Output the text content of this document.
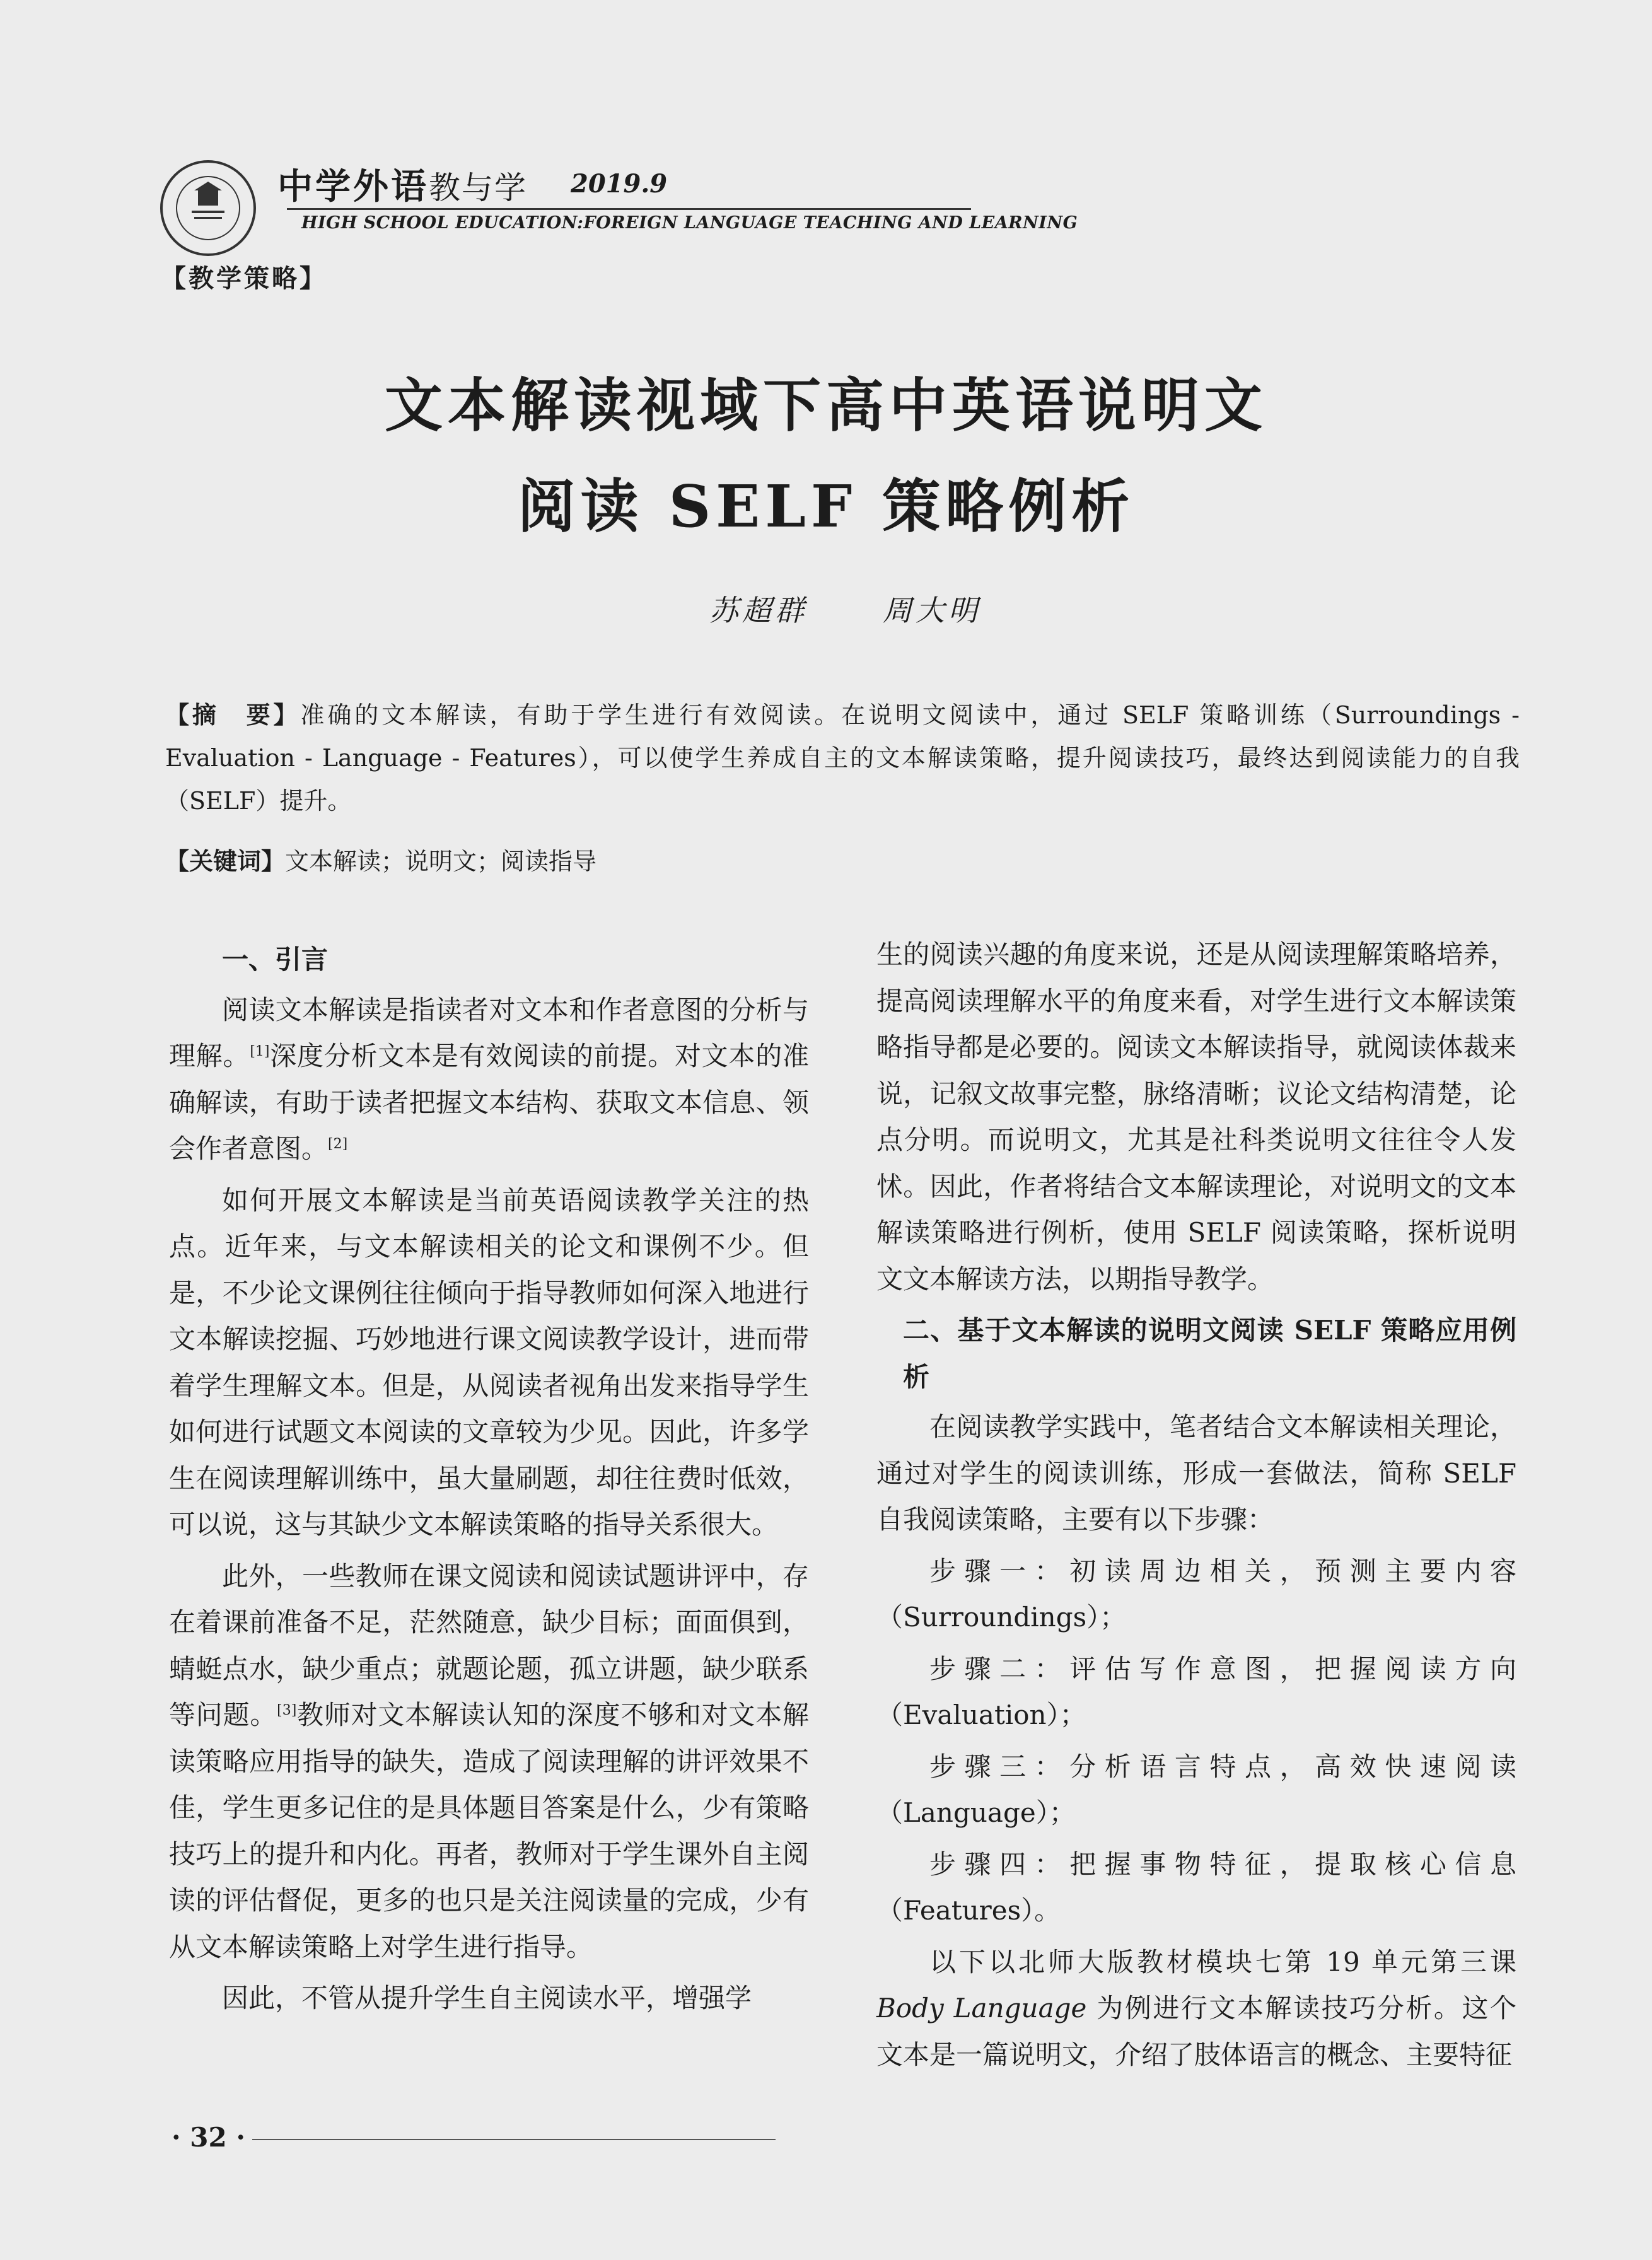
中学外语教与学 2019.9
HIGH SCHOOL EDUCATION:FOREIGN LANGUAGE TEACHING AND LEARNING
【教学策略】
文本解读视域下高中英语说明文
阅读 SELF 策略例析
苏超群	周大明
【摘　要】准确的文本解读，有助于学生进行有效阅读。在说明文阅读中，通过 SELF 策略训练（Surroundings - Evaluation - Language - Features），可以使学生养成自主的文本解读策略，提升阅读技巧，最终达到阅读能力的自我（SELF）提升。
【关键词】文本解读；说明文；阅读指导
一、引言

阅读文本解读是指读者对文本和作者意图的分析与理解。[1]深度分析文本是有效阅读的前提。对文本的准确解读，有助于读者把握文本结构、获取文本信息、领会作者意图。[2]

如何开展文本解读是当前英语阅读教学关注的热点。近年来，与文本解读相关的论文和课例不少。但是，不少论文课例往往倾向于指导教师如何深入地进行文本解读挖掘、巧妙地进行课文阅读教学设计，进而带着学生理解文本。但是，从阅读者视角出发来指导学生如何进行试题文本阅读的文章较为少见。因此，许多学生在阅读理解训练中，虽大量刷题，却往往费时低效，可以说，这与其缺少文本解读策略的指导关系很大。

此外，一些教师在课文阅读和阅读试题讲评中，存在着课前准备不足，茫然随意，缺少目标；面面俱到，蜻蜓点水，缺少重点；就题论题，孤立讲题，缺少联系等问题。[3]教师对文本解读认知的深度不够和对文本解读策略应用指导的缺失，造成了阅读理解的讲评效果不佳，学生更多记住的是具体题目答案是什么，少有策略技巧上的提升和内化。再者，教师对于学生课外自主阅读的评估督促，更多的也只是关注阅读量的完成，少有从文本解读策略上对学生进行指导。

因此，不管从提升学生自主阅读水平，增强学

生的阅读兴趣的角度来说，还是从阅读理解策略培养，提高阅读理解水平的角度来看，对学生进行文本解读策略指导都是必要的。阅读文本解读指导，就阅读体裁来说，记叙文故事完整，脉络清晰；议论文结构清楚，论点分明。而说明文，尤其是社科类说明文往往令人发怵。因此，作者将结合文本解读理论，对说明文的文本解读策略进行例析，使用 SELF 阅读策略，探析说明文文本解读方法，以期指导教学。

二、基于文本解读的说明文阅读 SELF 策略应用例析

在阅读教学实践中，笔者结合文本解读相关理论，通过对学生的阅读训练，形成一套做法，简称 SELF 自我阅读策略，主要有以下步骤：

步骤一：初读周边相关，预测主要内容（Surroundings）；

步骤二：评估写作意图，把握阅读方向（Evaluation）；

步骤三：分析语言特点，高效快速阅读（Language）；

步骤四：把握事物特征，提取核心信息（Features）。

以下以北师大版教材模块七第 19 单元第三课 Body Language 为例进行文本解读技巧分析。这个文本是一篇说明文，介绍了肢体语言的概念、主要特征

· 32 ·
